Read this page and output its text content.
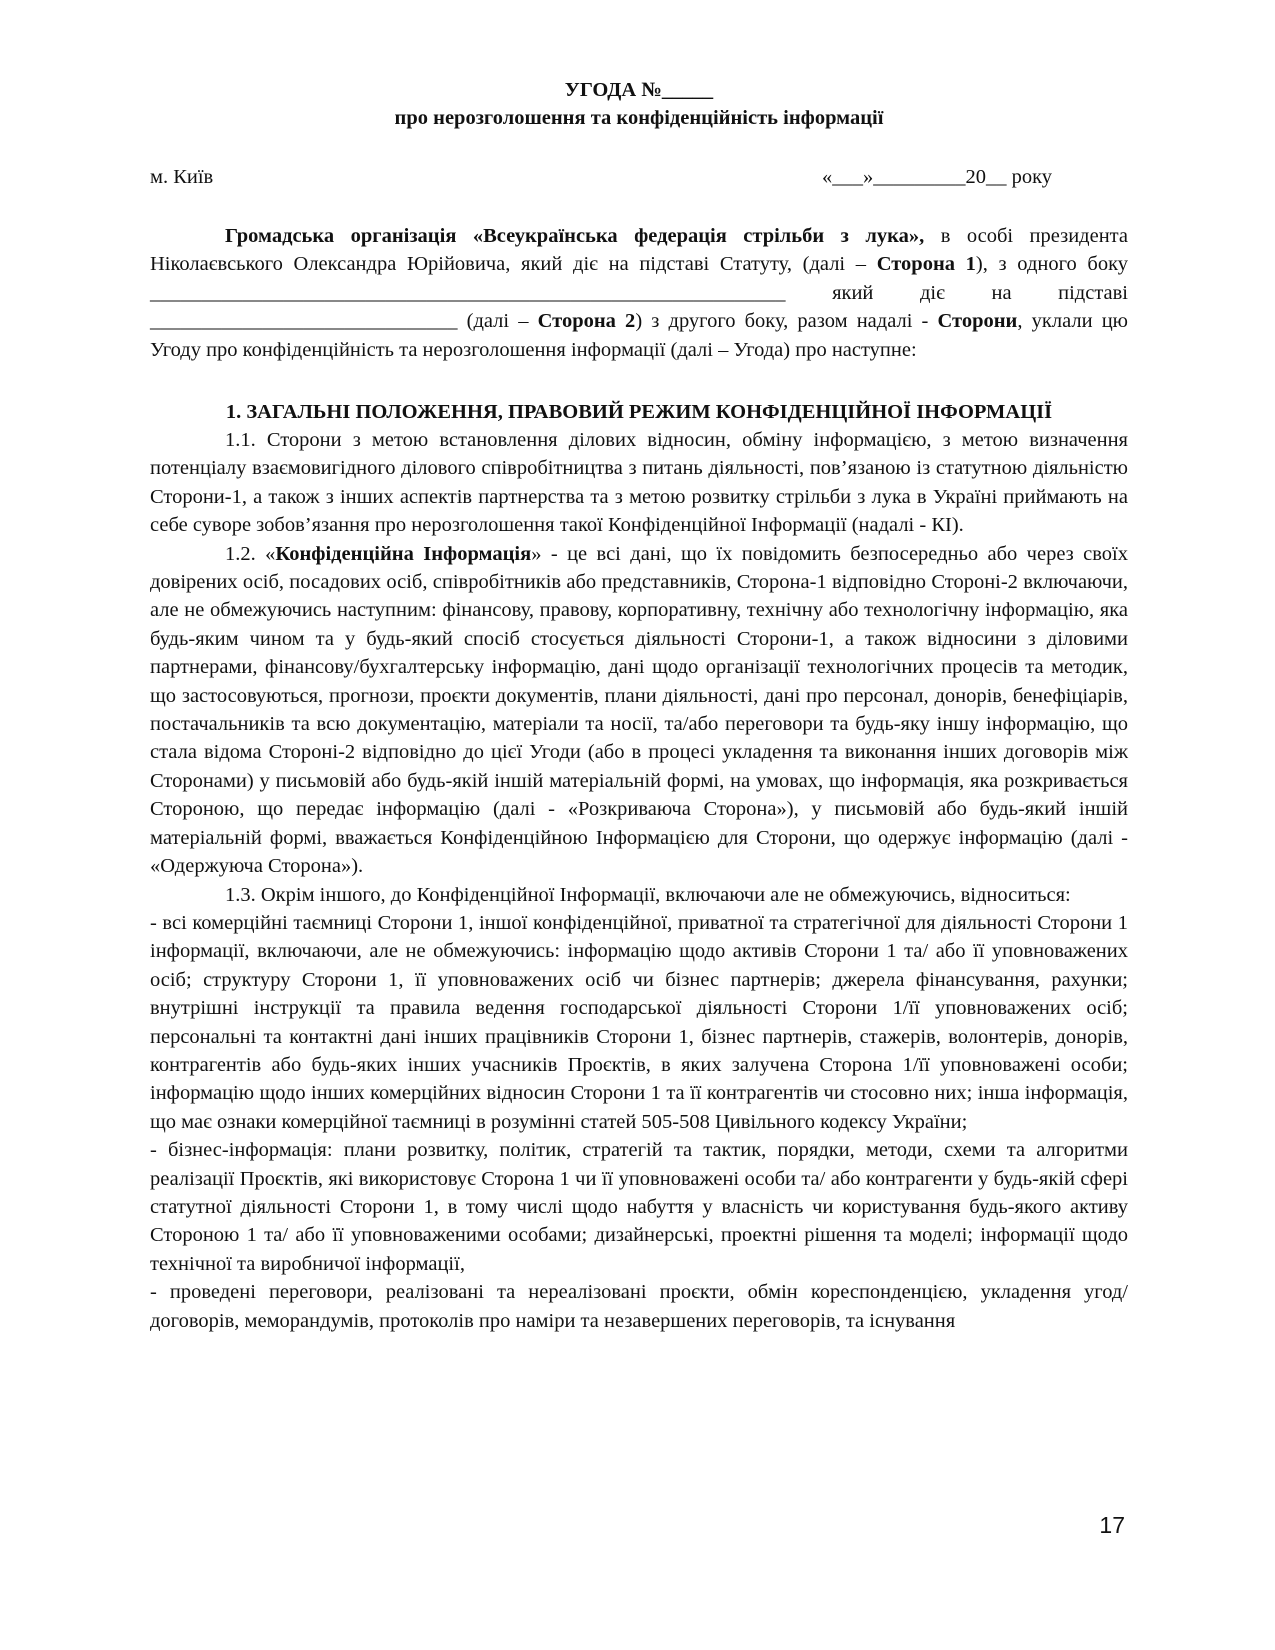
УГОДА №_____
про нерозголошення та конфіденційність інформації
м. Київ	«___»_________20__ року
Громадська організація «Всеукраїнська федерація стрільби з лука», в особі президента Ніколаєвського Олександра Юрійовича, який діє на підставі Статуту, (далі – Сторона 1), з одного боку ______________________________________________________________ який діє на підставі ______________________________ (далі – Сторона 2) з другого боку, разом надалі - Сторони, уклали цю Угоду про конфіденційність та нерозголошення інформації (далі – Угода) про наступне:
1. ЗАГАЛЬНІ ПОЛОЖЕННЯ, ПРАВОВИЙ РЕЖИМ КОНФІДЕНЦІЙНОЇ ІНФОРМАЦІЇ

1.1. Сторони з метою встановлення ділових відносин, обміну інформацією, з метою визначення потенціалу взаємовигідного ділового співробітництва з питань діяльності, пов’язаною із статутною діяльністю Сторони-1, а також з інших аспектів партнерства та з метою розвитку стрільби з лука в Україні приймають на себе суворе зобов’язання про нерозголошення такої Конфіденційної Інформації (надалі - КІ).

1.2. «Конфіденційна Інформація» - це всі дані, що їх повідомить безпосередньо або через своїх довірених осіб, посадових осіб, співробітників або представників, Сторона-1 відповідно Стороні-2 включаючи, але не обмежуючись наступним: фінансову, правову, корпоративну, технічну або технологічну інформацію, яка будь-яким чином та у будь-який спосіб стосується діяльності Сторони-1, а також відносини з діловими партнерами, фінансову/бухгалтерську інформацію, дані щодо організації технологічних процесів та методик, що застосовуються, прогнози, проєкти документів, плани діяльності, дані про персонал, донорів, бенефіціарів, постачальників та всю документацію, матеріали та носії, та/або переговори та будь-яку іншу інформацію, що стала відома Стороні-2 відповідно до цієї Угоди (або в процесі укладення та виконання інших договорів між Сторонами) у письмовій або будь-якій іншій матеріальній формі, на умовах, що інформація, яка розкривається Стороною, що передає інформацію (далі - «Розкриваюча Сторона»), у письмовій або будь-який іншій матеріальній формі, вважається Конфіденційною Інформацією для Сторони, що одержує інформацію (далі - «Одержуюча Сторона»).

1.3. Окрім іншого, до Конфіденційної Інформації, включаючи але не обмежуючись, відноситься:

- всі комерційні таємниці Сторони 1, іншої конфіденційної, приватної та стратегічної для діяльності Сторони 1 інформації, включаючи, але не обмежуючись: інформацію щодо активів Сторони 1 та/ або її уповноважених осіб; структуру Сторони 1, її уповноважених осіб чи бізнес партнерів; джерела фінансування, рахунки; внутрішні інструкції та правила ведення господарської діяльності Сторони 1/її уповноважених осіб; персональні та контактні дані інших працівників Сторони 1, бізнес партнерів, стажерів, волонтерів, донорів, контрагентів або будь-яких інших учасників Проєктів, в яких залучена Сторона 1/її уповноважені особи; інформацію щодо інших комерційних відносин Сторони 1 та її контрагентів чи стосовно них; інша інформація, що має ознаки комерційної таємниці в розумінні статей 505-508 Цивільного кодексу України;

- бізнес-інформація: плани розвитку, політик, стратегій та тактик, порядки, методи, схеми та алгоритми реалізації Проєктів, які використовує Сторона 1 чи її уповноважені особи та/ або контрагенти у будь-якій сфері статутної діяльності Сторони 1, в тому числі щодо набуття у власність чи користування будь-якого активу Стороною 1 та/ або її уповноваженими особами; дизайнерські, проектні рішення та моделі; інформації щодо технічної та виробничої інформації,

- проведені переговори, реалізовані та нереалізовані проєкти, обмін кореспонденцією, укладення угод/ договорів, меморандумів, протоколів про наміри та незавершених переговорів, та існування

17
